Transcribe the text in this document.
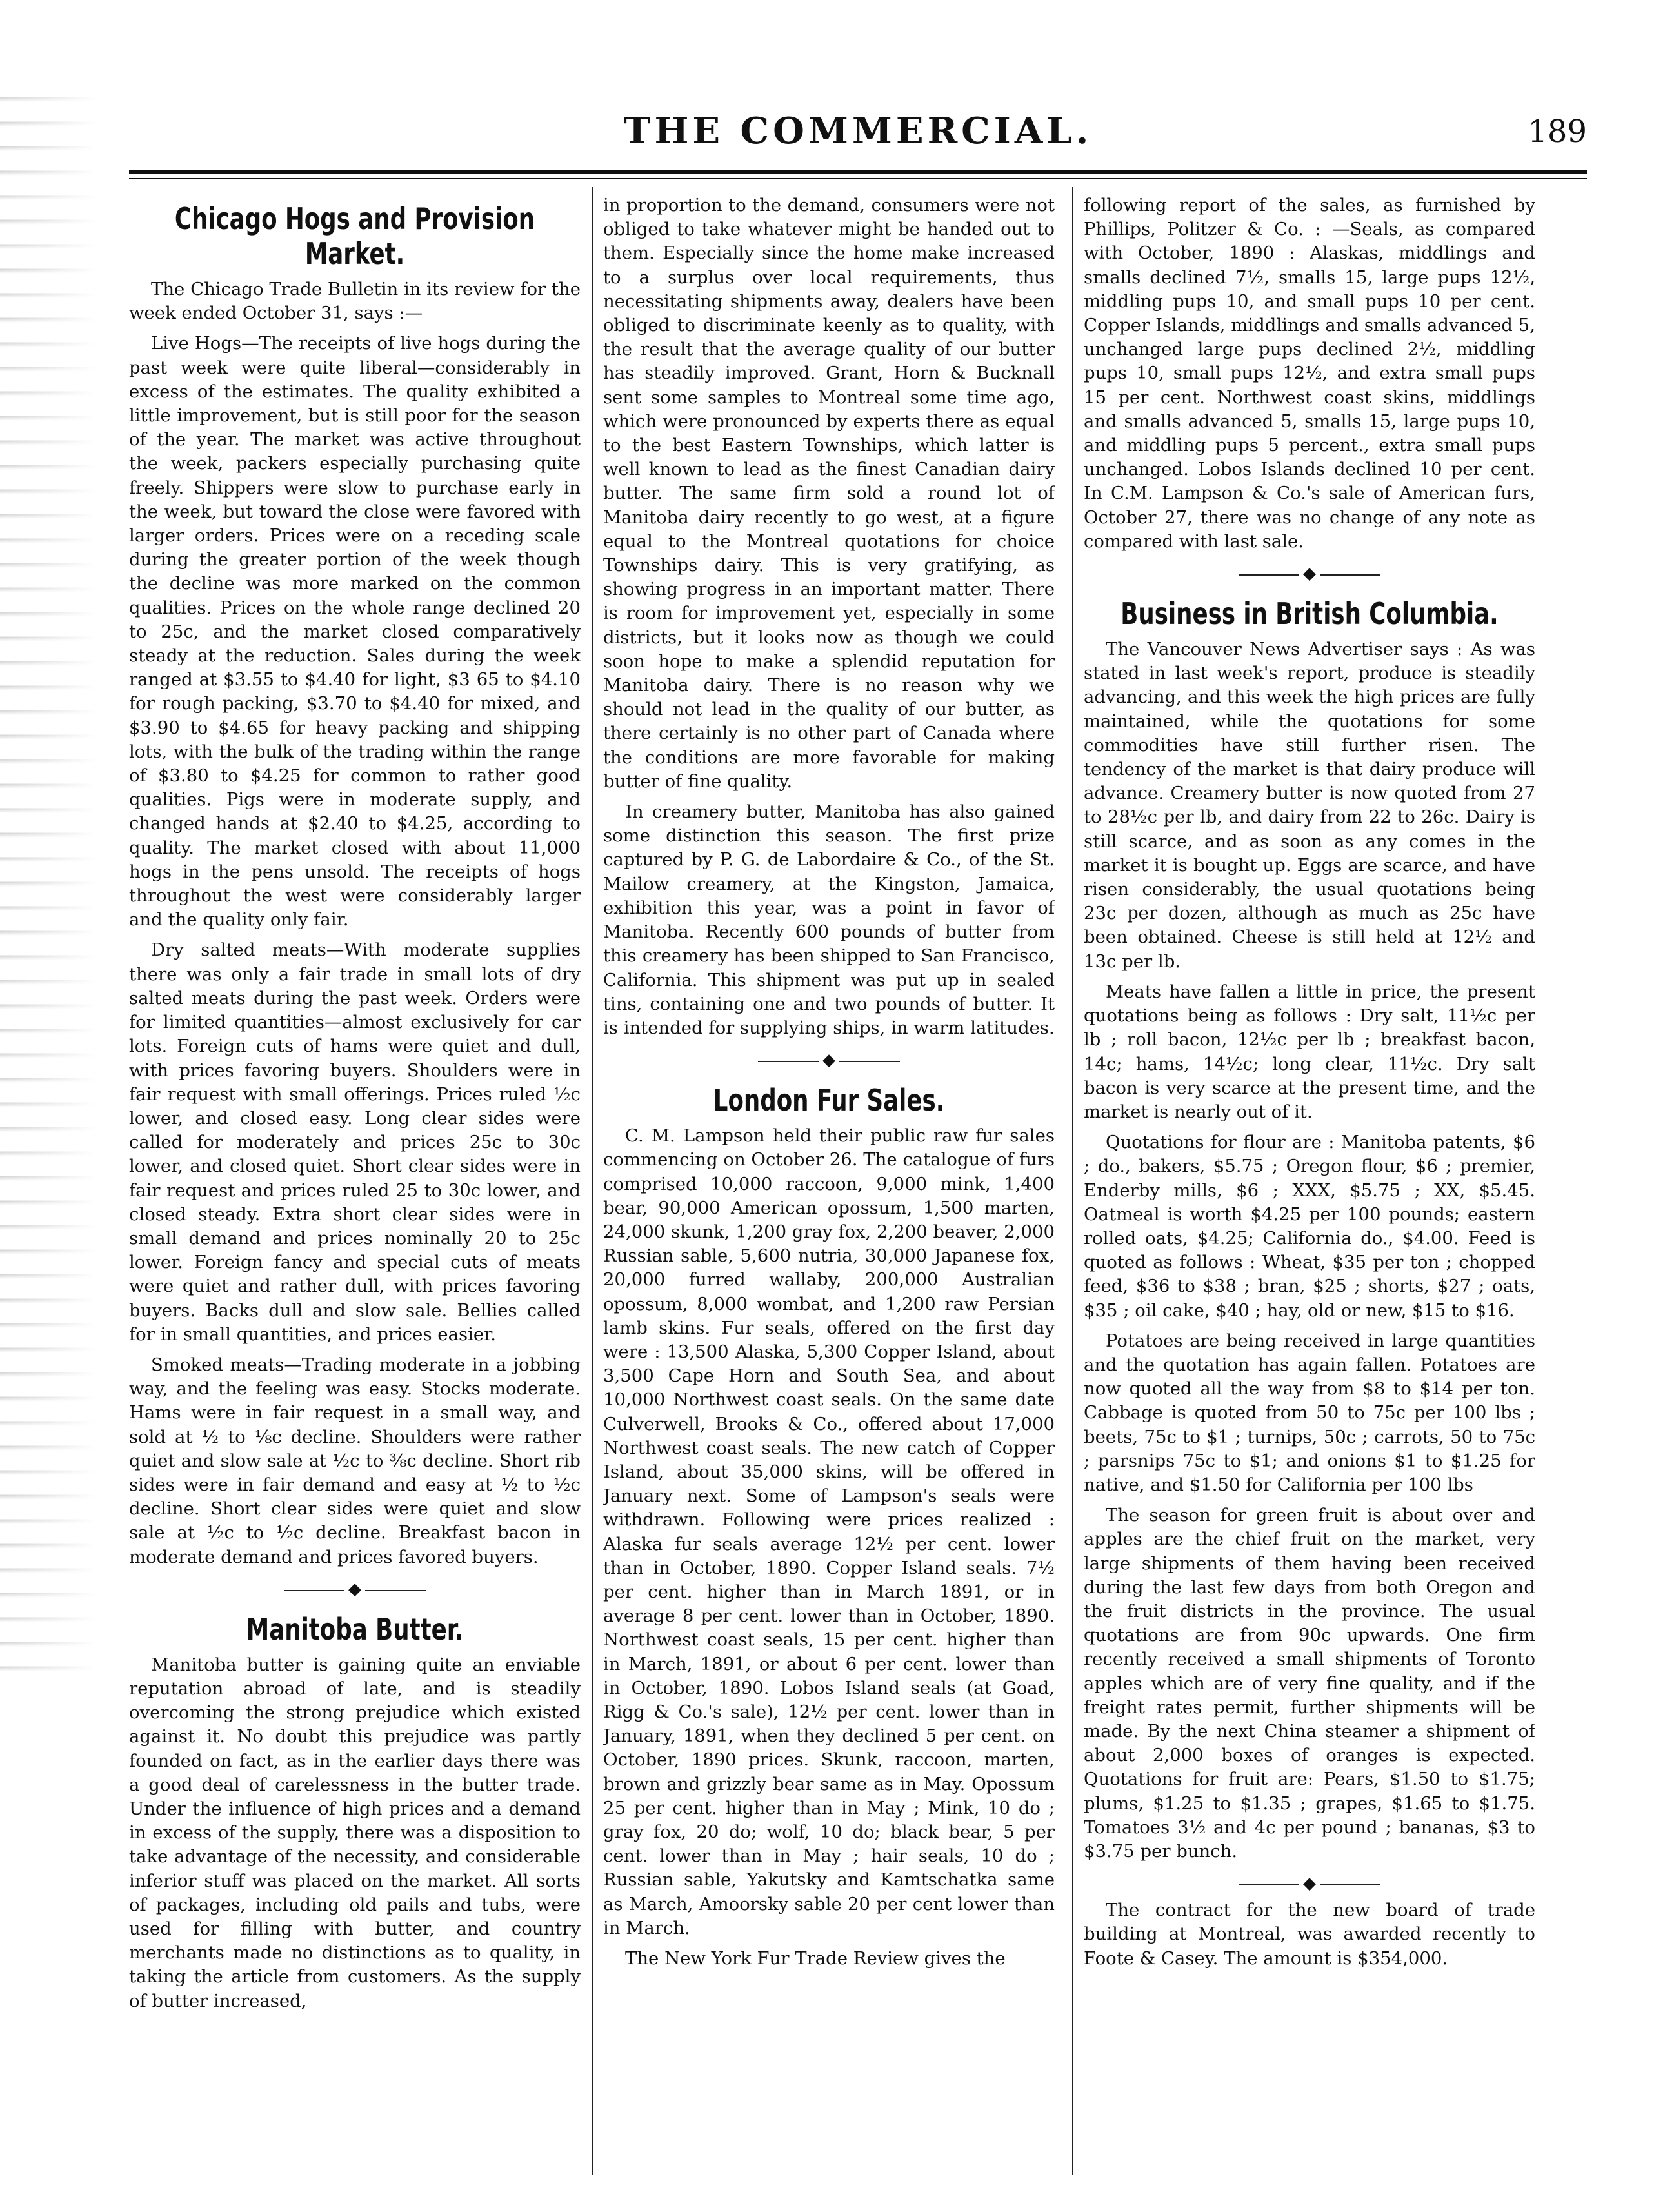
THE COMMERCIAL.	189
Chicago Hogs and Provision Market.

The Chicago Trade Bulletin in its review for the week ended October 31, says :—

Live Hogs—The receipts of live hogs during the past week were quite liberal—considerably in excess of the estimates. The quality exhibited a little improvement, but is still poor for the season of the year. The market was active throughout the week, packers especially purchasing quite freely. Shippers were slow to purchase early in the week, but toward the close were favored with larger orders. Prices were on a receding scale during the greater portion of the week though the decline was more marked on the common qualities. Prices on the whole range declined 20 to 25c, and the market closed comparatively steady at the reduction. Sales during the week ranged at $3.55 to $4.40 for light, $3 65 to $4.10 for rough packing, $3.70 to $4.40 for mixed, and $3.90 to $4.65 for heavy packing and shipping lots, with the bulk of the trading within the range of $3.80 to $4.25 for common to rather good qualities. Pigs were in moderate supply, and changed hands at $2.40 to $4.25, according to quality. The market closed with about 11,000 hogs in the pens unsold. The receipts of hogs throughout the west were considerably larger and the quality only fair.

Dry salted meats—With moderate supplies there was only a fair trade in small lots of dry salted meats during the past week. Orders were for limited quantities—almost exclusively for car lots. Foreign cuts of hams were quiet and dull, with prices favoring buyers. Shoulders were in fair request with small offerings. Prices ruled ½c lower, and closed easy. Long clear sides were called for moderately and prices 25c to 30c lower, and closed quiet. Short clear sides were in fair request and prices ruled 25 to 30c lower, and closed steady. Extra short clear sides were in small demand and prices nominally 20 to 25c lower. Foreign fancy and special cuts of meats were quiet and rather dull, with prices favoring buyers. Backs dull and slow sale. Bellies called for in small quantities, and prices easier.

Smoked meats—Trading moderate in a jobbing way, and the feeling was easy. Stocks moderate. Hams were in fair request in a small way, and sold at ½ to ⅛c decline. Shoulders were rather quiet and slow sale at ½c to ⅜c decline. Short rib sides were in fair demand and easy at ½ to ½c decline. Short clear sides were quiet and slow sale at ½c to ½c decline. Breakfast bacon in moderate demand and prices favored buyers.

◆
Manitoba Butter.

Manitoba butter is gaining quite an enviable reputation abroad of late, and is steadily overcoming the strong prejudice which existed against it. No doubt this prejudice was partly founded on fact, as in the earlier days there was a good deal of carelessness in the butter trade. Under the influence of high prices and a demand in excess of the supply, there was a disposition to take advantage of the necessity, and considerable inferior stuff was placed on the market. All sorts of packages, including old pails and tubs, were used for filling with butter, and country merchants made no distinctions as to quality, in taking the article from customers. As the supply of butter increased,

in proportion to the demand, consumers were not obliged to take whatever might be handed out to them. Especially since the home make increased to a surplus over local requirements, thus necessitating shipments away, dealers have been obliged to discriminate keenly as to quality, with the result that the average quality of our butter has steadily improved. Grant, Horn & Bucknall sent some samples to Montreal some time ago, which were pronounced by experts there as equal to the best Eastern Townships, which latter is well known to lead as the finest Canadian dairy butter. The same firm sold a round lot of Manitoba dairy recently to go west, at a figure equal to the Montreal quotations for choice Townships dairy. This is very gratifying, as showing progress in an important matter. There is room for improvement yet, especially in some districts, but it looks now as though we could soon hope to make a splendid reputation for Manitoba dairy. There is no reason why we should not lead in the quality of our butter, as there certainly is no other part of Canada where the conditions are more favorable for making butter of fine quality.

In creamery butter, Manitoba has also gained some distinction this season. The first prize captured by P. G. de Labordaire & Co., of the St. Mailow creamery, at the Kingston, Jamaica, exhibition this year, was a point in favor of Manitoba. Recently 600 pounds of butter from this creamery has been shipped to San Francisco, California. This shipment was put up in sealed tins, containing one and two pounds of butter. It is intended for supplying ships, in warm latitudes.

◆
London Fur Sales.

C. M. Lampson held their public raw fur sales commencing on October 26. The catalogue of furs comprised 10,000 raccoon, 9,000 mink, 1,400 bear, 90,000 American opossum, 1,500 marten, 24,000 skunk, 1,200 gray fox, 2,200 beaver, 2,000 Russian sable, 5,600 nutria, 30,000 Japanese fox, 20,000 furred wallaby, 200,000 Australian opossum, 8,000 wombat, and 1,200 raw Persian lamb skins. Fur seals, offered on the first day were : 13,500 Alaska, 5,300 Copper Island, about 3,500 Cape Horn and South Sea, and about 10,000 Northwest coast seals. On the same date Culverwell, Brooks & Co., offered about 17,000 Northwest coast seals. The new catch of Copper Island, about 35,000 skins, will be offered in January next. Some of Lampson's seals were withdrawn. Following were prices realized : Alaska fur seals average 12½ per cent. lower than in October, 1890. Copper Island seals. 7½ per cent. higher than in March 1891, or in average 8 per cent. lower than in October, 1890. Northwest coast seals, 15 per cent. higher than in March, 1891, or about 6 per cent. lower than in October, 1890. Lobos Island seals (at Goad, Rigg & Co.'s sale), 12½ per cent. lower than in January, 1891, when they declined 5 per cent. on October, 1890 prices. Skunk, raccoon, marten, brown and grizzly bear same as in May. Opossum 25 per cent. higher than in May ; Mink, 10 do ; gray fox, 20 do; wolf, 10 do; black bear, 5 per cent. lower than in May ; hair seals, 10 do ; Russian sable, Yakutsky and Kamtschatka same as March, Amoorsky sable 20 per cent lower than in March.

The New York Fur Trade Review gives the

following report of the sales, as furnished by Phillips, Politzer & Co. : —Seals, as compared with October, 1890 : Alaskas, middlings and smalls declined 7½, smalls 15, large pups 12½, middling pups 10, and small pups 10 per cent. Copper Islands, middlings and smalls advanced 5, unchanged large pups declined 2½, middling pups 10, small pups 12½, and extra small pups 15 per cent. Northwest coast skins, middlings and smalls advanced 5, smalls 15, large pups 10, and middling pups 5 percent., extra small pups unchanged. Lobos Islands declined 10 per cent. In C.M. Lampson & Co.'s sale of American furs, October 27, there was no change of any note as compared with last sale.

◆
Business in British Columbia.

The Vancouver News Advertiser says : As was stated in last week's report, produce is steadily advancing, and this week the high prices are fully maintained, while the quotations for some commodities have still further risen. The tendency of the market is that dairy produce will advance. Creamery butter is now quoted from 27 to 28½c per lb, and dairy from 22 to 26c. Dairy is still scarce, and as soon as any comes in the market it is bought up. Eggs are scarce, and have risen considerably, the usual quotations being 23c per dozen, although as much as 25c have been obtained. Cheese is still held at 12½ and 13c per lb.

Meats have fallen a little in price, the present quotations being as follows : Dry salt, 11½c per lb ; roll bacon, 12½c per lb ; breakfast bacon, 14c; hams, 14½c; long clear, 11½c. Dry salt bacon is very scarce at the present time, and the market is nearly out of it.

Quotations for flour are : Manitoba patents, $6 ; do., bakers, $5.75 ; Oregon flour, $6 ; premier, Enderby mills, $6 ; XXX, $5.75 ; XX, $5.45. Oatmeal is worth $4.25 per 100 pounds; eastern rolled oats, $4.25; California do., $4.00. Feed is quoted as follows : Wheat, $35 per ton ; chopped feed, $36 to $38 ; bran, $25 ; shorts, $27 ; oats, $35 ; oil cake, $40 ; hay, old or new, $15 to $16.

Potatoes are being received in large quantities and the quotation has again fallen. Potatoes are now quoted all the way from $8 to $14 per ton. Cabbage is quoted from 50 to 75c per 100 lbs ; beets, 75c to $1 ; turnips, 50c ; carrots, 50 to 75c ; parsnips 75c to $1; and onions $1 to $1.25 for native, and $1.50 for California per 100 lbs

The season for green fruit is about over and apples are the chief fruit on the market, very large shipments of them having been received during the last few days from both Oregon and the fruit districts in the province. The usual quotations are from 90c upwards. One firm recently received a small shipments of Toronto apples which are of very fine quality, and if the freight rates permit, further shipments will be made. By the next China steamer a shipment of about 2,000 boxes of oranges is expected. Quotations for fruit are: Pears, $1.50 to $1.75; plums, $1.25 to $1.35 ; grapes, $1.65 to $1.75. Tomatoes 3½ and 4c per pound ; bananas, $3 to $3.75 per bunch.

◆

The contract for the new board of trade building at Montreal, was awarded recently to Foote & Casey. The amount is $354,000.
